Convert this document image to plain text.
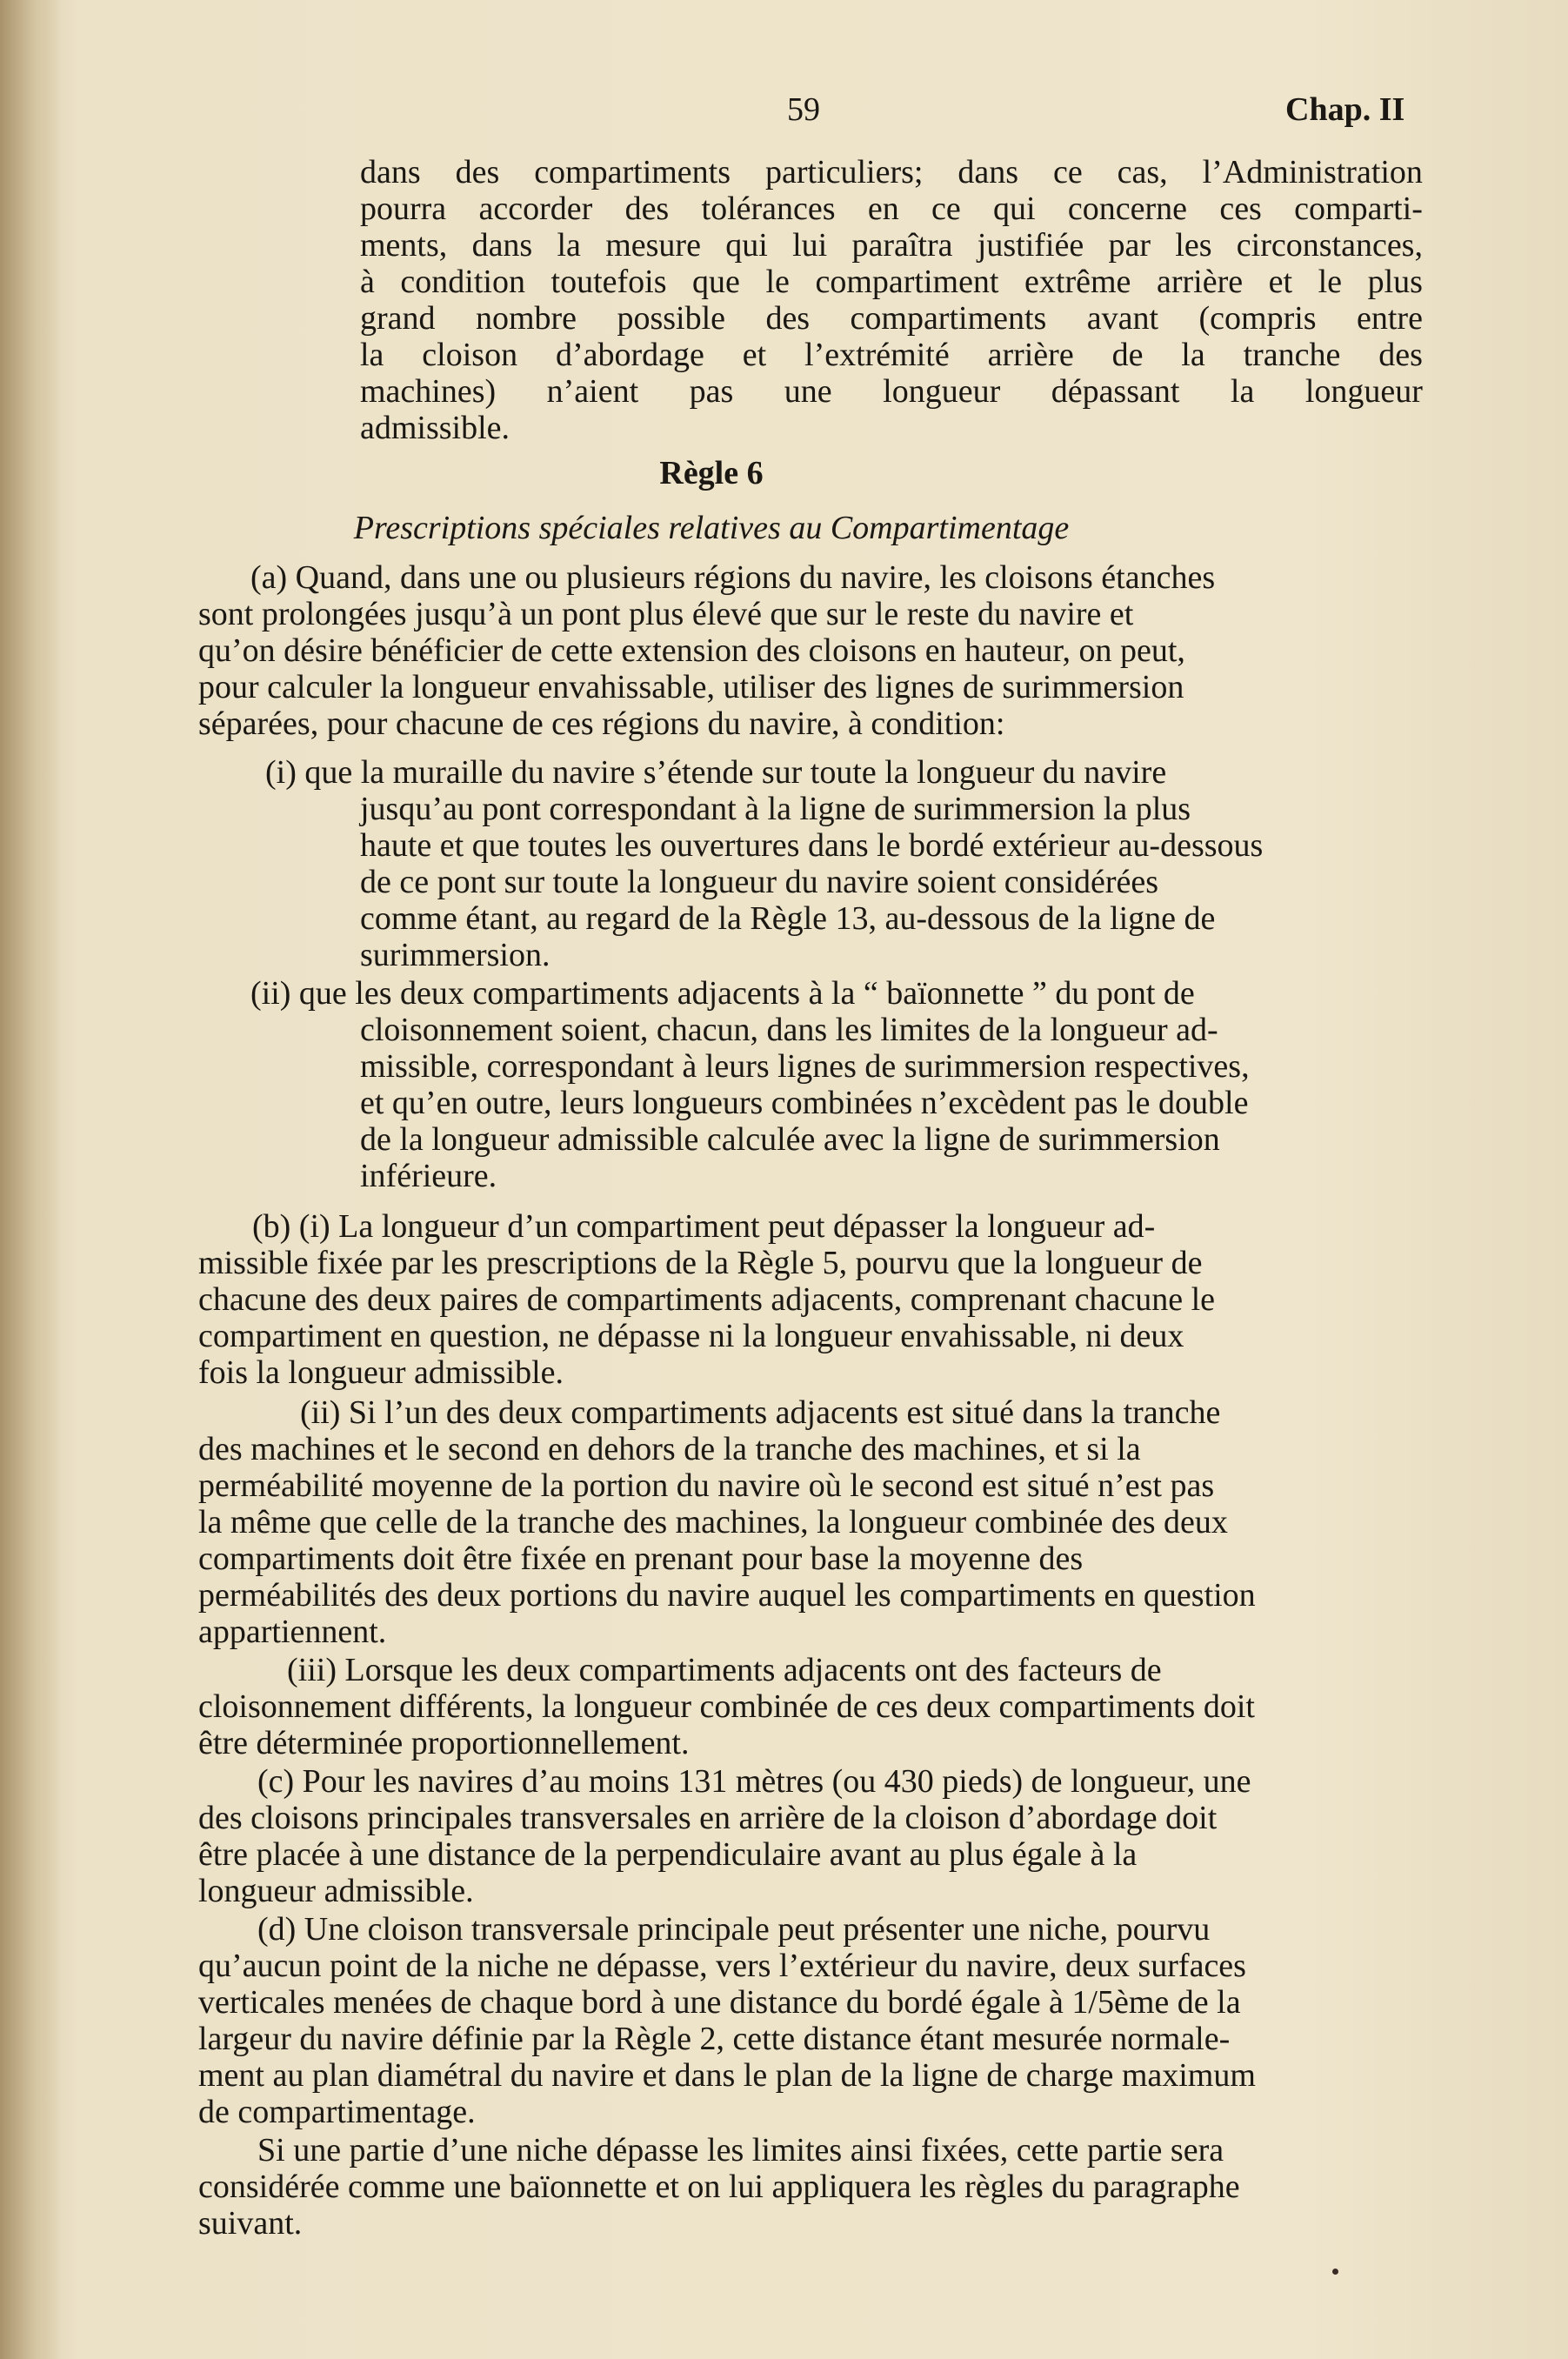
59	Chap. II
dans des compartiments particuliers; dans ce cas, l’Administration
pourra accorder des tolérances en ce qui concerne ces comparti-
ments, dans la mesure qui lui paraîtra justifiée par les circonstances,
à condition toutefois que le compartiment extrême arrière et le plus
grand nombre possible des compartiments avant (compris entre
la cloison d’abordage et l’extrémité arrière de la tranche des
machines) n’aient pas une longueur dépassant la longueur
admissible.
Règle 6
Prescriptions spéciales relatives au Compartimentage
(a) Quand, dans une ou plusieurs régions du navire, les cloisons étanches
sont prolongées jusqu’à un pont plus élevé que sur le reste du navire et
qu’on désire bénéficier de cette extension des cloisons en hauteur, on peut,
pour calculer la longueur envahissable, utiliser des lignes de surimmersion
séparées, pour chacune de ces régions du navire, à condition:
(i) que la muraille du navire s’étende sur toute la longueur du navire
jusqu’au pont correspondant à la ligne de surimmersion la plus
haute et que toutes les ouvertures dans le bordé extérieur au-dessous
de ce pont sur toute la longueur du navire soient considérées
comme étant, au regard de la Règle 13, au-dessous de la ligne de
surimmersion.
(ii) que les deux compartiments adjacents à la “ baïonnette ” du pont de
cloisonnement soient, chacun, dans les limites de la longueur ad-
missible, correspondant à leurs lignes de surimmersion respectives,
et qu’en outre, leurs longueurs combinées n’excèdent pas le double
de la longueur admissible calculée avec la ligne de surimmersion
inférieure.
(b) (i) La longueur d’un compartiment peut dépasser la longueur ad-
missible fixée par les prescriptions de la Règle 5, pourvu que la longueur de
chacune des deux paires de compartiments adjacents, comprenant chacune le
compartiment en question, ne dépasse ni la longueur envahissable, ni deux
fois la longueur admissible.
(ii) Si l’un des deux compartiments adjacents est situé dans la tranche
des machines et le second en dehors de la tranche des machines, et si la
perméabilité moyenne de la portion du navire où le second est situé n’est pas
la même que celle de la tranche des machines, la longueur combinée des deux
compartiments doit être fixée en prenant pour base la moyenne des
perméabilités des deux portions du navire auquel les compartiments en question
appartiennent.
(iii) Lorsque les deux compartiments adjacents ont des facteurs de
cloisonnement différents, la longueur combinée de ces deux compartiments doit
être déterminée proportionnellement.
(c) Pour les navires d’au moins 131 mètres (ou 430 pieds) de longueur, une
des cloisons principales transversales en arrière de la cloison d’abordage doit
être placée à une distance de la perpendiculaire avant au plus égale à la
longueur admissible.
(d) Une cloison transversale principale peut présenter une niche, pourvu
qu’aucun point de la niche ne dépasse, vers l’extérieur du navire, deux surfaces
verticales menées de chaque bord à une distance du bordé égale à 1/5ème de la
largeur du navire définie par la Règle 2, cette distance étant mesurée normale-
ment au plan diamétral du navire et dans le plan de la ligne de charge maximum
de compartimentage.
Si une partie d’une niche dépasse les limites ainsi fixées, cette partie sera
considérée comme une baïonnette et on lui appliquera les règles du paragraphe
suivant.
